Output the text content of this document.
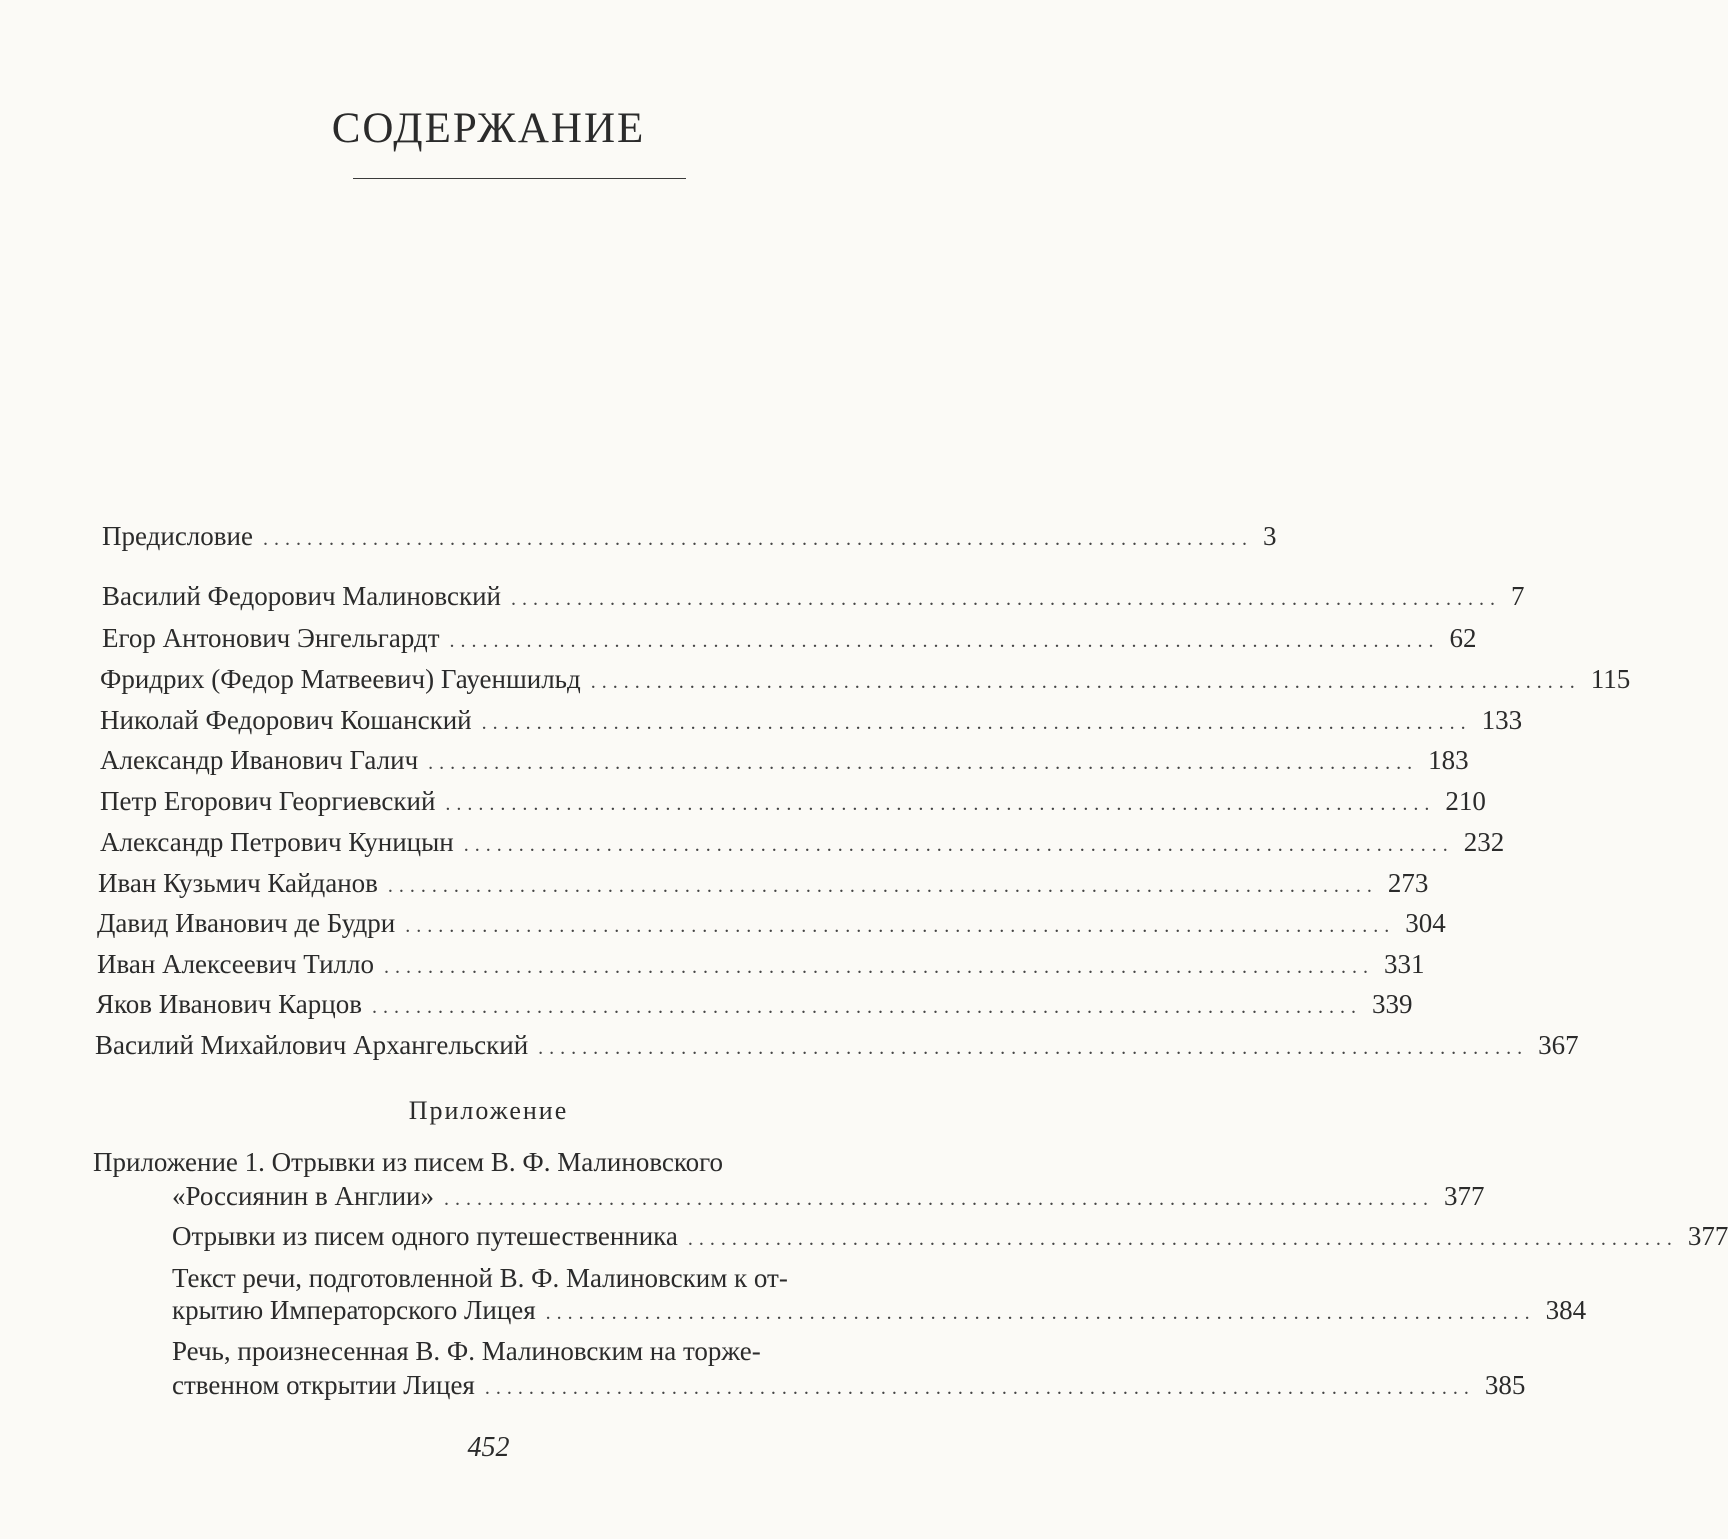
СОДЕРЖАНИЕ
Предисловие .......................................................................................... 3
Василий Федорович Малиновский .......................................................................................... 7
Егор Антонович Энгельгардт .......................................................................................... 62
Фридрих (Федор Матвеевич) Гауеншильд .......................................................................................... 115
Николай Федорович Кошанский .......................................................................................... 133
Александр Иванович Галич .......................................................................................... 183
Петр Егорович Георгиевский .......................................................................................... 210
Александр Петрович Куницын .......................................................................................... 232
Иван Кузьмич Кайданов .......................................................................................... 273
Давид Иванович де Будри .......................................................................................... 304
Иван Алексеевич Тилло .......................................................................................... 331
Яков Иванович Карцов .......................................................................................... 339
Василий Михайлович Архангельский .......................................................................................... 367
Приложение
Приложение 1. Отрывки из писем В. Ф. Малиновского
«Россиянин в Англии» .......................................................................................... 377
Отрывки из писем одного путешественника .......................................................................................... 377
Текст речи, подготовленной В. Ф. Малиновским к от-
крытию Императорского Лицея .......................................................................................... 384
Речь, произнесенная В. Ф. Малиновским на торже-
ственном открытии Лицея .......................................................................................... 385
452
